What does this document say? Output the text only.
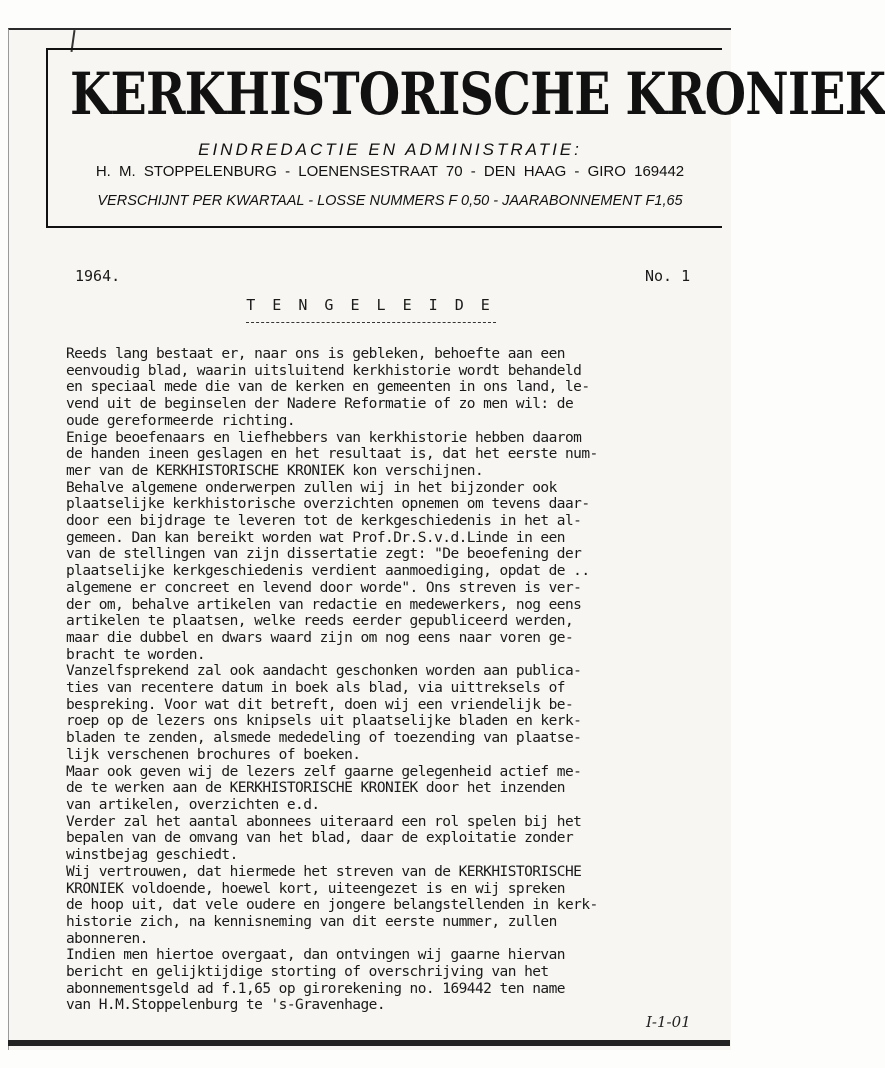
KERKHISTORISCHE KRONIEK
EINDREDACTIE EN ADMINISTRATIE:
H. M. STOPPELENBURG - LOENENSESTRAAT 70 - DEN HAAG - GIRO 169442
VERSCHIJNT PER KWARTAAL - LOSSE NUMMERS F 0,50 - JAARABONNEMENT F1,65
1964.	No. 1
T E N G E L E I D E
Reeds lang bestaat er, naar ons is gebleken, behoefte aan een
eenvoudig blad, waarin uitsluitend kerkhistorie wordt behandeld
en speciaal mede die van de kerken en gemeenten in ons land, le-
vend uit de beginselen der Nadere Reformatie of zo men wil: de
oude gereformeerde richting.
Enige beoefenaars en liefhebbers van kerkhistorie hebben daarom
de handen ineen geslagen en het resultaat is, dat het eerste num-
mer van de KERKHISTORISCHE KRONIEK kon verschijnen.
Behalve algemene onderwerpen zullen wij in het bijzonder ook
plaatselijke kerkhistorische overzichten opnemen om tevens daar-
door een bijdrage te leveren tot de kerkgeschiedenis in het al-
gemeen. Dan kan bereikt worden wat Prof.Dr.S.v.d.Linde in een
van de stellingen van zijn dissertatie zegt: "De beoefening der
plaatselijke kerkgeschiedenis verdient aanmoediging, opdat de ..
algemene er concreet en levend door worde". Ons streven is ver-
der om, behalve artikelen van redactie en medewerkers, nog eens
artikelen te plaatsen, welke reeds eerder gepubliceerd werden,
maar die dubbel en dwars waard zijn om nog eens naar voren ge-
bracht te worden.
Vanzelfsprekend zal ook aandacht geschonken worden aan publica-
ties van recentere datum in boek als blad, via uittreksels of
bespreking. Voor wat dit betreft, doen wij een vriendelijk be-
roep op de lezers ons knipsels uit plaatselijke bladen en kerk-
bladen te zenden, alsmede mededeling of toezending van plaatse-
lijk verschenen brochures of boeken.
Maar ook geven wij de lezers zelf gaarne gelegenheid actief me-
de te werken aan de KERKHISTORISCHE KRONIEK door het inzenden
van artikelen, overzichten e.d.
Verder zal het aantal abonnees uiteraard een rol spelen bij het
bepalen van de omvang van het blad, daar de exploitatie zonder
winstbejag geschiedt.
Wij vertrouwen, dat hiermede het streven van de KERKHISTORISCHE
KRONIEK voldoende, hoewel kort, uiteengezet is en wij spreken
de hoop uit, dat vele oudere en jongere belangstellenden in kerk-
historie zich, na kennisneming van dit eerste nummer, zullen
abonneren.
Indien men hiertoe overgaat, dan ontvingen wij gaarne hiervan
bericht en gelijktijdige storting of overschrijving van het
abonnementsgeld ad f.1,65 op girorekening no. 169442 ten name
van H.M.Stoppelenburg te 's-Gravenhage.
I-1-01
